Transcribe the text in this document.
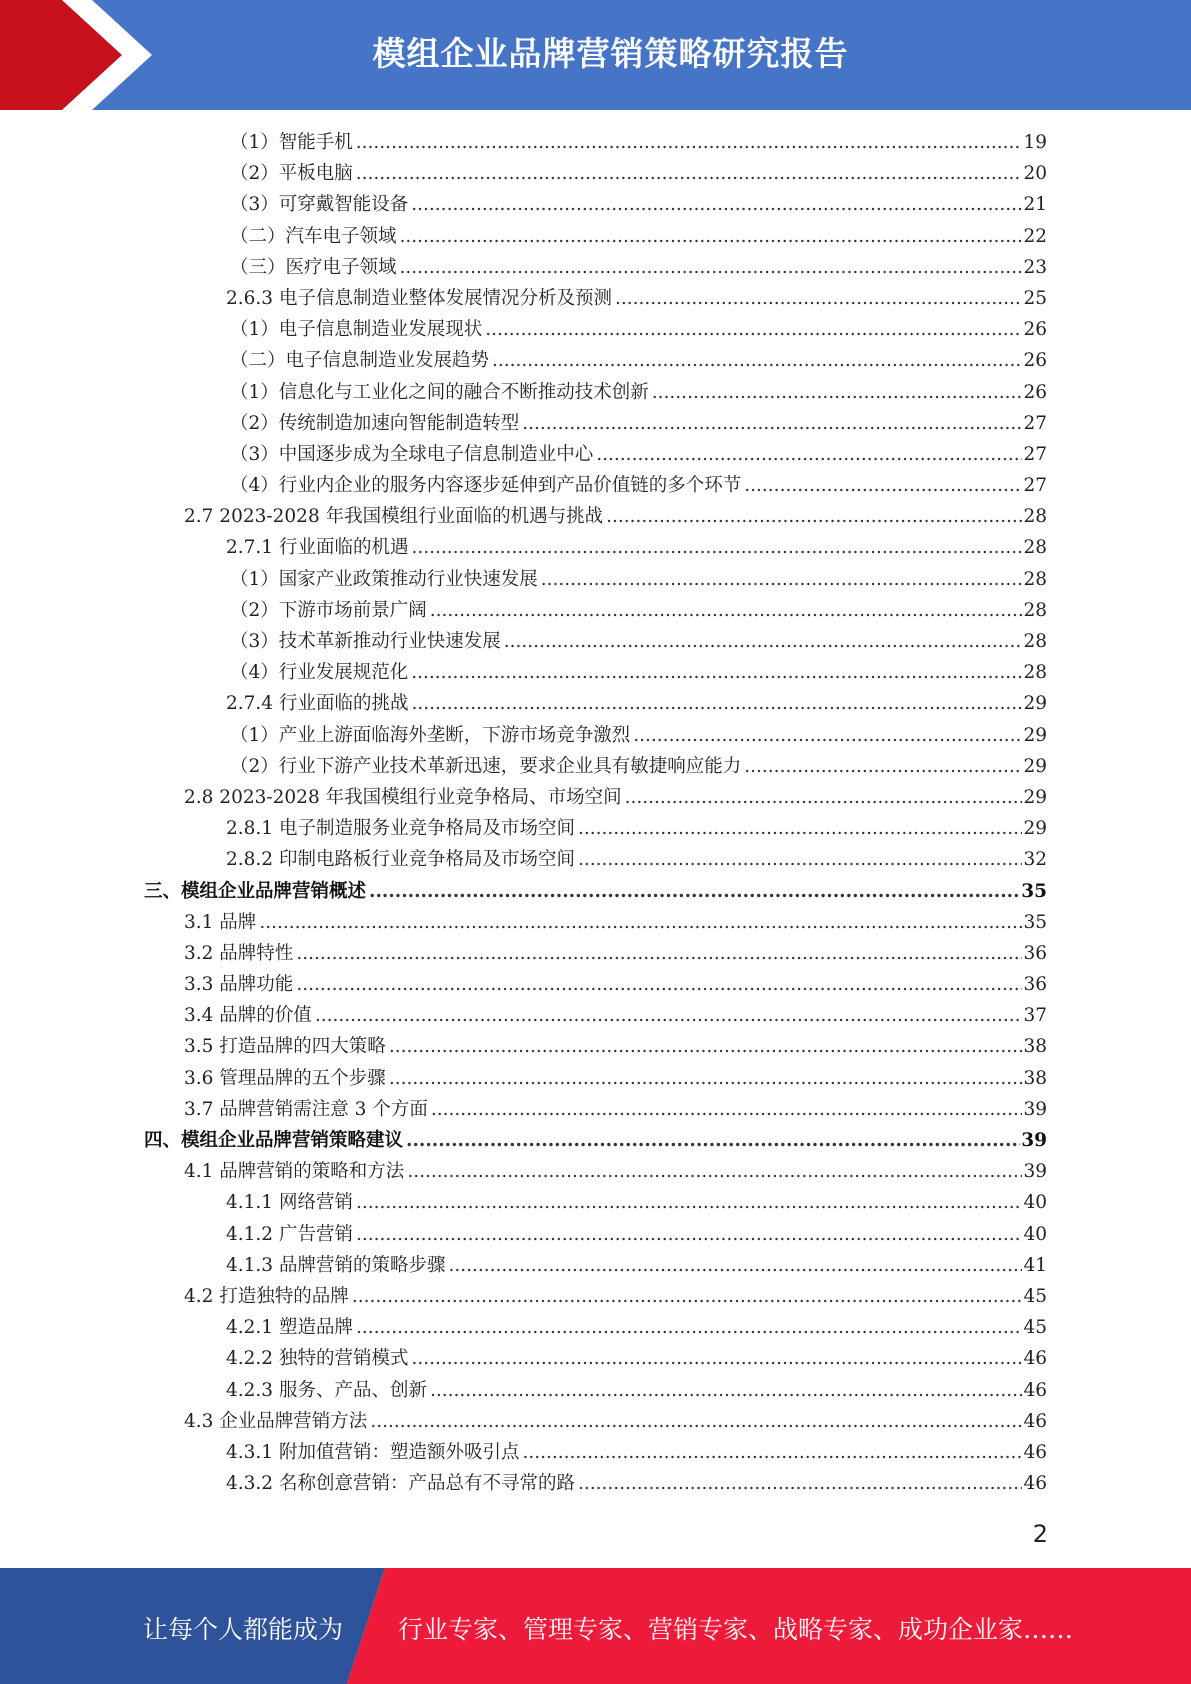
模组企业品牌营销策略研究报告
（1）智能手机 .....	19
（2）平板电脑 .....	20
（3）可穿戴智能设备 .....	21
（二）汽车电子领域 .....	22
（三）医疗电子领域 .....	23
2.6.3 电子信息制造业整体发展情况分析及预测 .....	25
（1）电子信息制造业发展现状 .....	26
（二）电子信息制造业发展趋势 .....	26
（1）信息化与工业化之间的融合不断推动技术创新 .....	26
（2）传统制造加速向智能制造转型 .....	27
（3）中国逐步成为全球电子信息制造业中心 .....	27
（4）行业内企业的服务内容逐步延伸到产品价值链的多个环节 .....	27
2.7 2023-2028 年我国模组行业面临的机遇与挑战 .....	28
2.7.1 行业面临的机遇 .....	28
（1）国家产业政策推动行业快速发展 .....	28
（2）下游市场前景广阔 .....	28
（3）技术革新推动行业快速发展 .....	28
（4）行业发展规范化 .....	28
2.7.4 行业面临的挑战 .....	29
（1）产业上游面临海外垄断，下游市场竞争激烈 .....	29
（2）行业下游产业技术革新迅速，要求企业具有敏捷响应能力 .....	29
2.8 2023-2028 年我国模组行业竞争格局、市场空间 .....	29
2.8.1 电子制造服务业竞争格局及市场空间 .....	29
2.8.2 印制电路板行业竞争格局及市场空间 .....	32
三、模组企业品牌营销概述 .....	35
3.1 品牌 .....	35
3.2 品牌特性 .....	36
3.3 品牌功能 .....	36
3.4 品牌的价值 .....	37
3.5 打造品牌的四大策略 .....	38
3.6 管理品牌的五个步骤 .....	38
3.7 品牌营销需注意 3 个方面 .....	39
四、模组企业品牌营销策略建议 .....	39
4.1 品牌营销的策略和方法 .....	39
4.1.1 网络营销 .....	40
4.1.2 广告营销 .....	40
4.1.3 品牌营销的策略步骤 .....	41
4.2 打造独特的品牌 .....	45
4.2.1 塑造品牌 .....	45
4.2.2 独特的营销模式 .....	46
4.2.3 服务、产品、创新 .....	46
4.3 企业品牌营销方法 .....	46
4.3.1 附加值营销：塑造额外吸引点 .....	46
4.3.2 名称创意营销：产品总有不寻常的路 .....	46
2
让每个人都能成为 行业专家、管理专家、营销专家、战略专家、成功企业家……
